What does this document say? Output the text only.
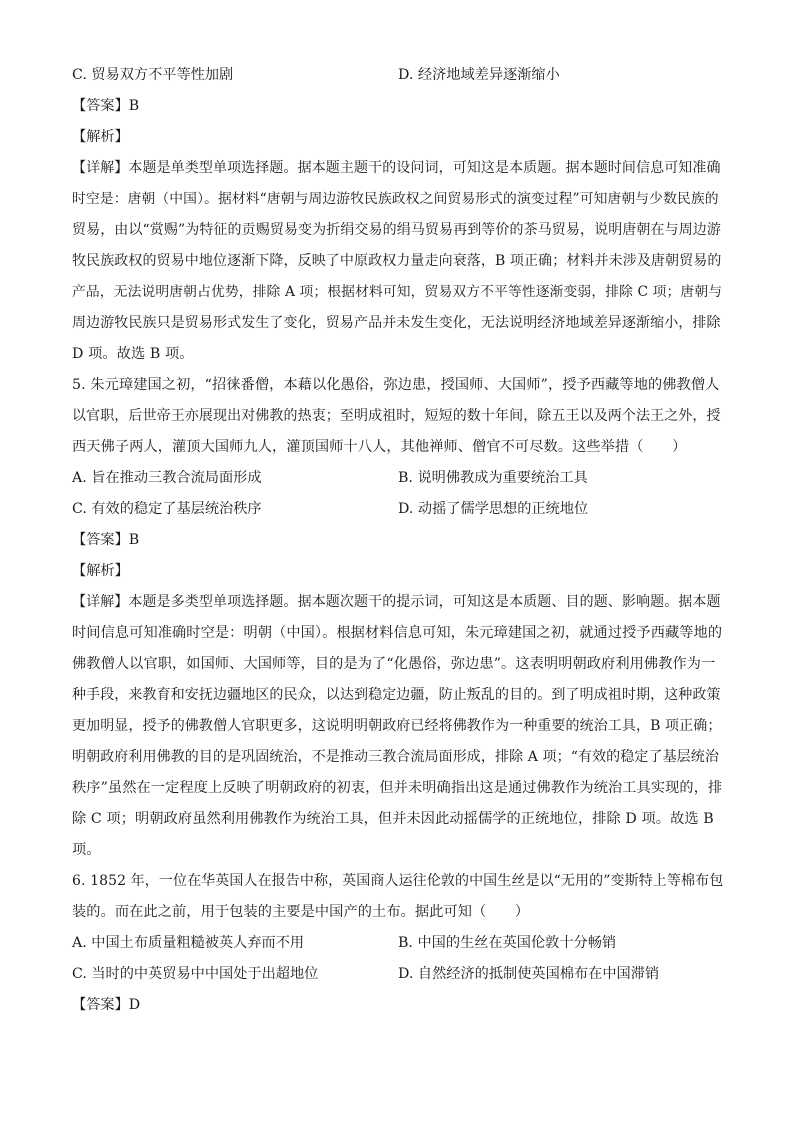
C. 贸易双方不平等性加剧	D. 经济地域差异逐渐缩小
【答案】B
【解析】
【详解】本题是单类型单项选择题。据本题主题干的设问词，可知这是本质题。据本题时间信息可知准确
时空是：唐朝（中国）。据材料“唐朝与周边游牧民族政权之间贸易形式的演变过程”可知唐朝与少数民族的
贸易，由以“赏赐”为特征的贡赐贸易变为折绢交易的绢马贸易再到等价的茶马贸易，说明唐朝在与周边游
牧民族政权的贸易中地位逐渐下降，反映了中原政权力量走向衰落，B 项正确；材料并未涉及唐朝贸易的
产品，无法说明唐朝占优势，排除 A 项；根据材料可知，贸易双方不平等性逐渐变弱，排除 C 项；唐朝与
周边游牧民族只是贸易形式发生了变化，贸易产品并未发生变化，无法说明经济地域差异逐渐缩小，排除
D 项。故选 B 项。
5. 朱元璋建国之初，“招徕番僧，本藉以化愚俗，弥边患，授国师、大国师”，授予西藏等地的佛教僧人
以官职，后世帝王亦展现出对佛教的热衷；至明成祖时，短短的数十年间，除五王以及两个法王之外，授
西天佛子两人，灌顶大国师九人，灌顶国师十八人，其他禅师、僧官不可尽数。这些举措（　　）
A. 旨在推动三教合流局面形成	B. 说明佛教成为重要统治工具
C. 有效的稳定了基层统治秩序	D. 动摇了儒学思想的正统地位
【答案】B
【解析】
【详解】本题是多类型单项选择题。据本题次题干的提示词，可知这是本质题、目的题、影响题。据本题
时间信息可知准确时空是：明朝（中国）。根据材料信息可知，朱元璋建国之初，就通过授予西藏等地的
佛教僧人以官职，如国师、大国师等，目的是为了“化愚俗，弥边患”。这表明明朝政府利用佛教作为一
种手段，来教育和安抚边疆地区的民众，以达到稳定边疆，防止叛乱的目的。到了明成祖时期，这种政策
更加明显，授予的佛教僧人官职更多，这说明明朝政府已经将佛教作为一种重要的统治工具，B 项正确；
明朝政府利用佛教的目的是巩固统治，不是推动三教合流局面形成，排除 A 项；“有效的稳定了基层统治
秩序”虽然在一定程度上反映了明朝政府的初衷，但并未明确指出这是通过佛教作为统治工具实现的，排
除 C 项；明朝政府虽然利用佛教作为统治工具，但并未因此动摇儒学的正统地位，排除 D 项。故选 B
项。
6. 1852 年，一位在华英国人在报告中称，英国商人运往伦敦的中国生丝是以“无用的”变斯特上等棉布包
装的。而在此之前，用于包装的主要是中国产的土布。据此可知（　　）
A. 中国土布质量粗糙被英人弃而不用	B. 中国的生丝在英国伦敦十分畅销
C. 当时的中英贸易中中国处于出超地位	D. 自然经济的抵制使英国棉布在中国滞销
【答案】D
